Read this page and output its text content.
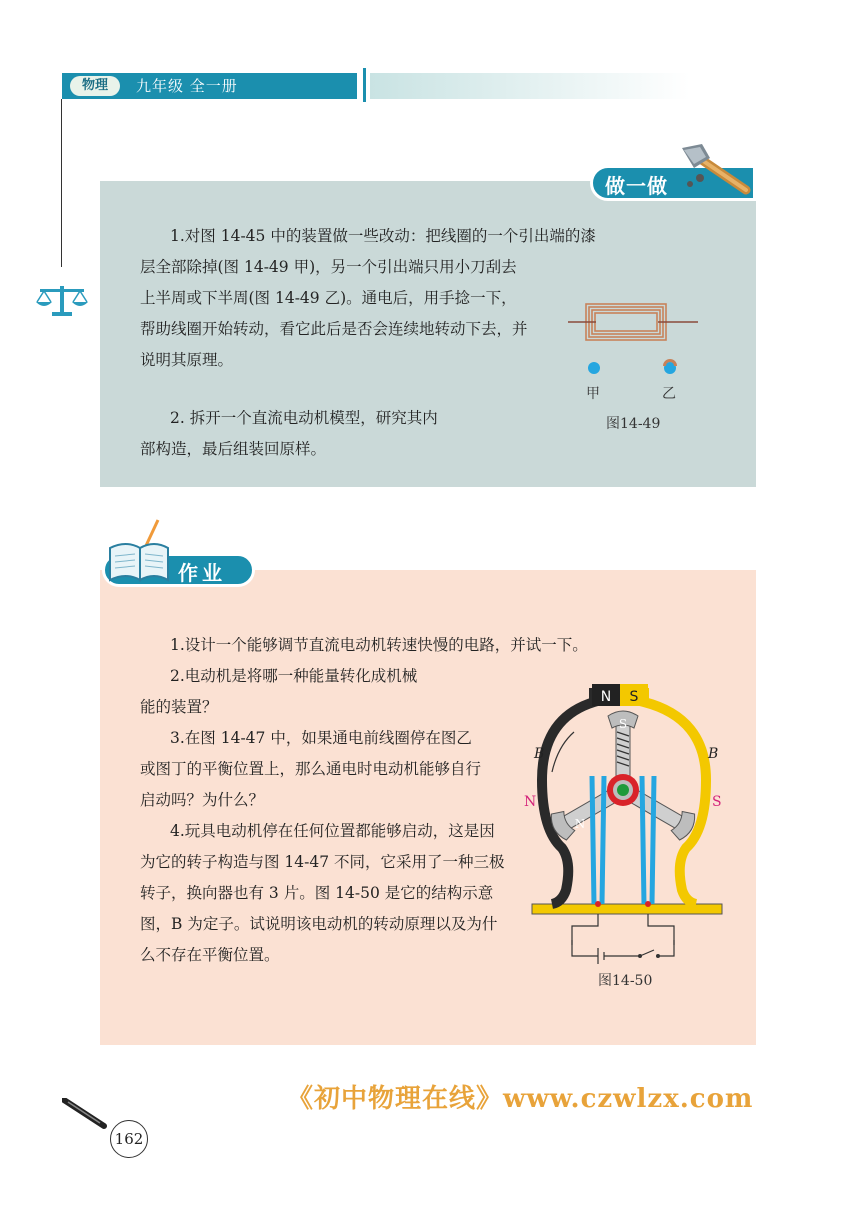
物理	九年级 全一册
做一做
1.对图 14-45 中的装置做一些改动：把线圈的一个引出端的漆
层全部除掉(图 14-49 甲)，另一个引出端只用小刀刮去上半周或下半周(图 14-49 乙)。通电后，用手捻一下，帮助线圈开始转动，看它此后是否会连续地转动下去，并说明其原理。
2. 拆开一个直流电动机模型，研究其内
部构造，最后组装回原样。
甲	乙
图14-49
作业
1.设计一个能够调节直流电动机转速快慢的电路，并试一下。
2.电动机是将哪一种能量转化成机械
能的装置？
3.在图 14-47 中，如果通电前线圈停在图乙或图丁的平衡位置上，那么通电时电动机能够自行启动吗？为什么？
4.玩具电动机停在任何位置都能够启动，这是因为它的转子构造与图 14-47 不同，它采用了一种三极转子，换向器也有 3 片。图 14-50 是它的结构示意图，B 为定子。试说明该电动机的转动原理以及为什么不存在平衡位置。
N S
B	B
N	S
S
N
图14-50
《初中物理在线》www.czwlzx.com
162
